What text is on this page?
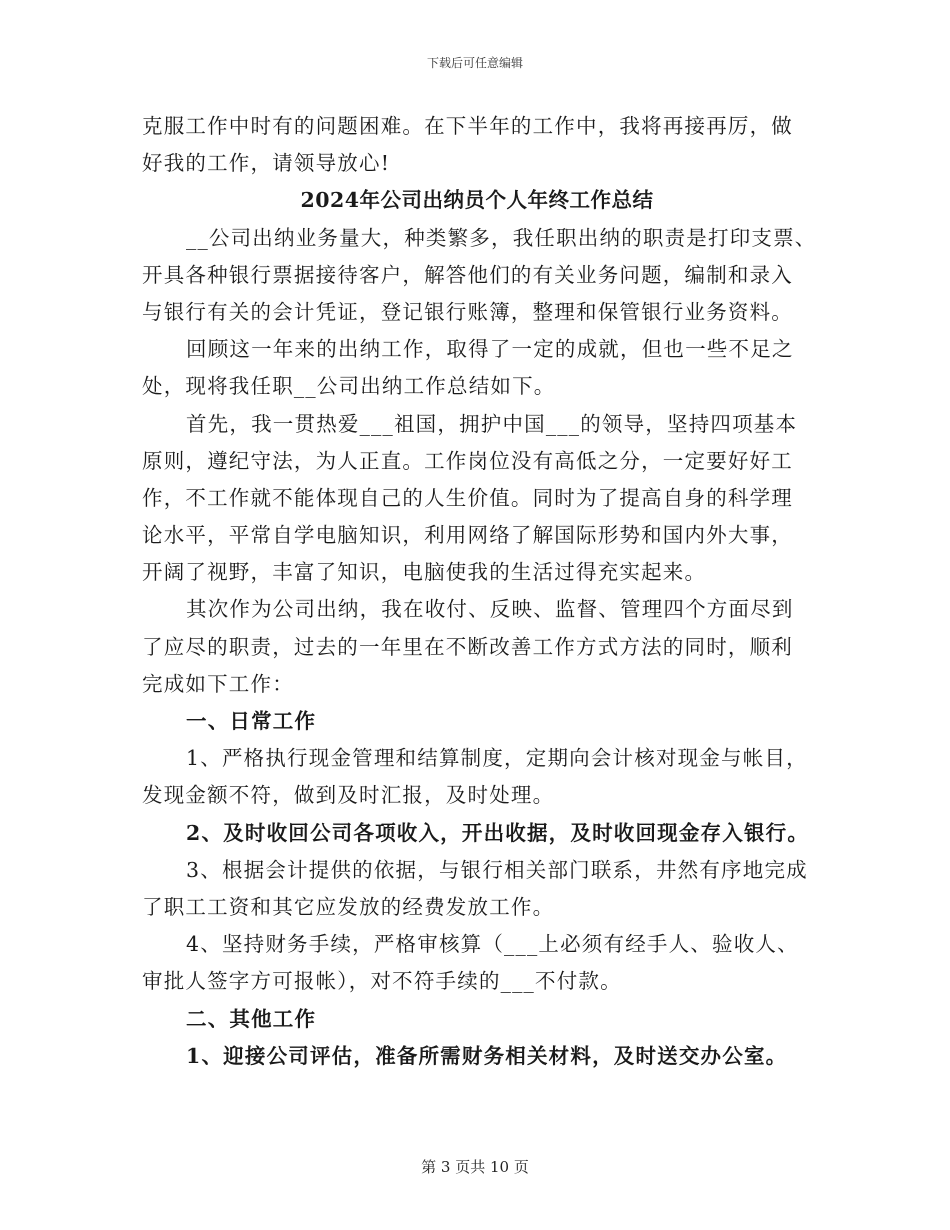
下载后可任意编辑
克服工作中时有的问题困难。在下半年的工作中，我将再接再厉，做
好我的工作，请领导放心!
2024年公司出纳员个人年终工作总结
__公司出纳业务量大，种类繁多，我任职出纳的职责是打印支票、
开具各种银行票据接待客户，解答他们的有关业务问题，编制和录入
与银行有关的会计凭证，登记银行账簿，整理和保管银行业务资料。
回顾这一年来的出纳工作，取得了一定的成就，但也一些不足之
处，现将我任职__公司出纳工作总结如下。
首先，我一贯热爱___祖国，拥护中国___的领导，坚持四项基本
原则，遵纪守法，为人正直。工作岗位没有高低之分，一定要好好工
作，不工作就不能体现自己的人生价值。同时为了提高自身的科学理
论水平，平常自学电脑知识，利用网络了解国际形势和国内外大事，
开阔了视野，丰富了知识，电脑使我的生活过得充实起来。
其次作为公司出纳，我在收付、反映、监督、管理四个方面尽到
了应尽的职责，过去的一年里在不断改善工作方式方法的同时，顺利
完成如下工作：
一、日常工作
1、严格执行现金管理和结算制度，定期向会计核对现金与帐目，
发现金额不符，做到及时汇报，及时处理。
2、及时收回公司各项收入，开出收据，及时收回现金存入银行。
3、根据会计提供的依据，与银行相关部门联系，井然有序地完成
了职工工资和其它应发放的经费发放工作。
4、坚持财务手续，严格审核算（___上必须有经手人、验收人、
审批人签字方可报帐），对不符手续的___不付款。
二、其他工作
1、迎接公司评估，准备所需财务相关材料，及时送交办公室。
第 3 页共 10 页
